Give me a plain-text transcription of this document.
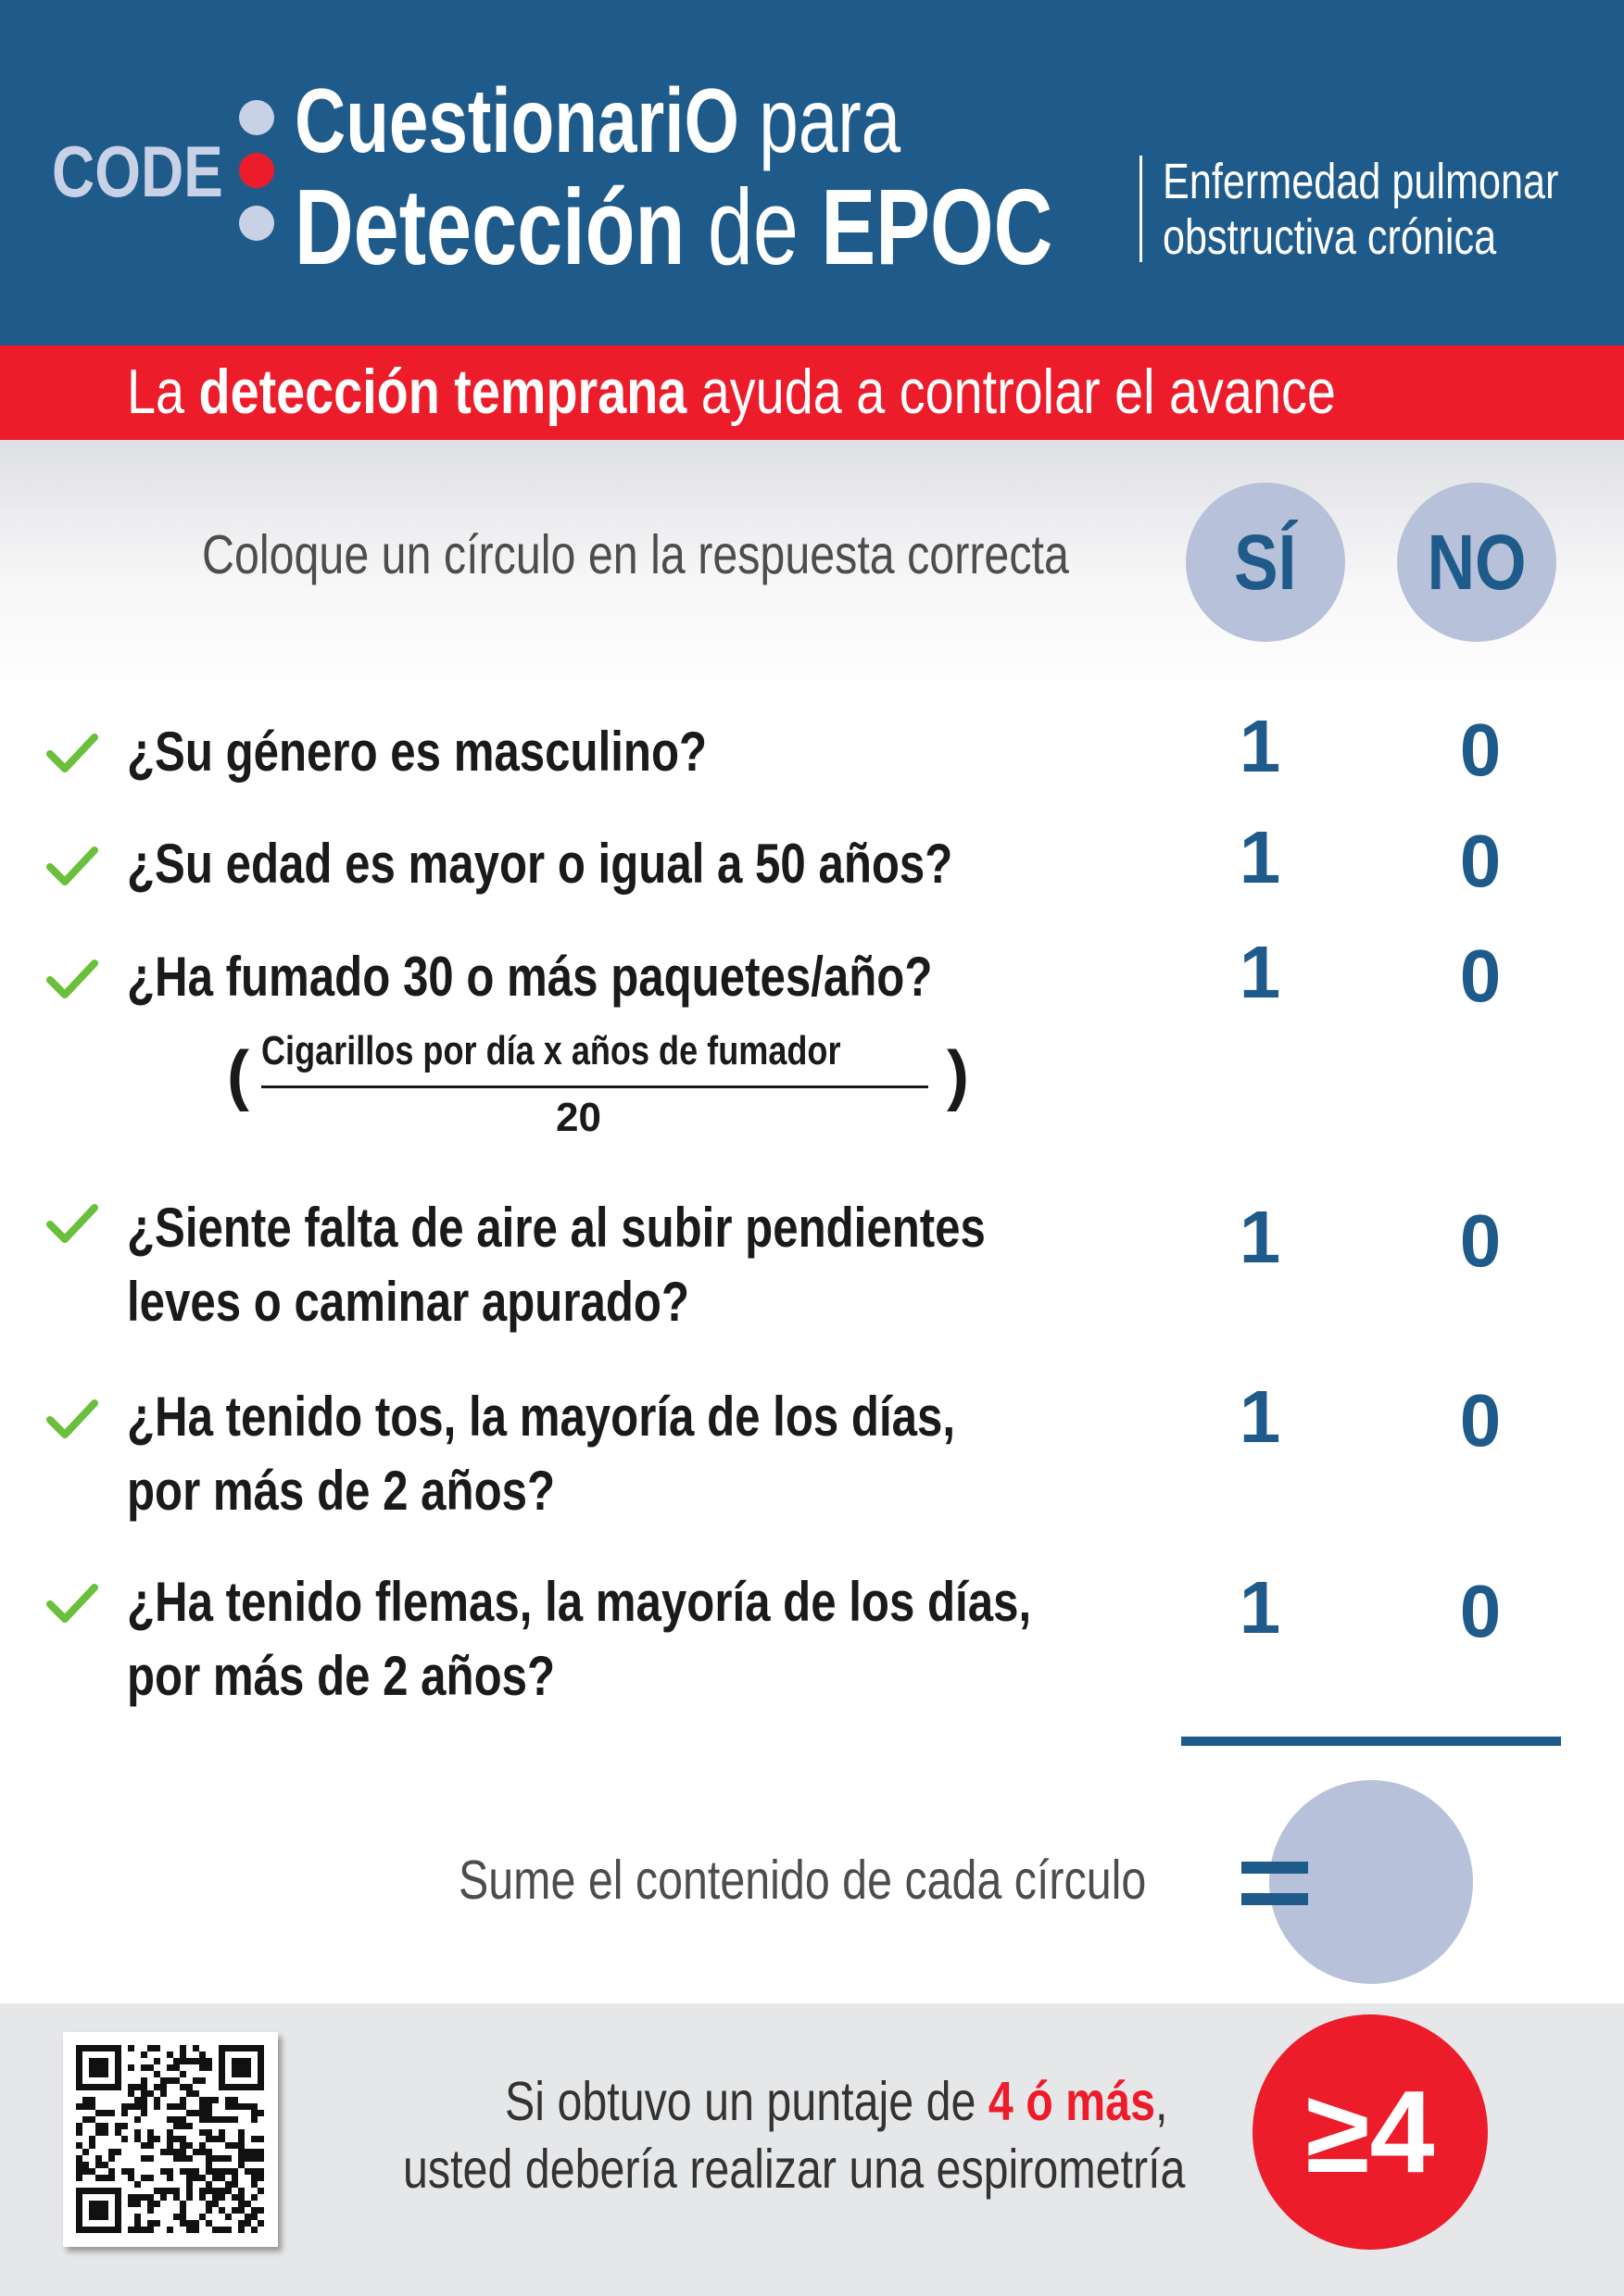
CODE CuestionariO para
Detección de EPOC	Enfermedad pulmonar
obstructiva crónica
La detección temprana ayuda a controlar el avance
Coloque un círculo en la respuesta correcta	SÍ	NO
¿Su género es masculino?	1 0
¿Su edad es mayor o igual a 50 años?	1 0
¿Ha fumado 30 o más paquetes/año?	1 0
( Cigarillos por día x años de fumador
20
)
¿Siente falta de aire al subir pendientes
leves o caminar apurado?
1 0
¿Ha tenido tos, la mayoría de los días,
por más de 2 años?
1 0
¿Ha tenido flemas, la mayoría de los días,
por más de 2 años?
1 0
Sume el contenido de cada círculo
Si obtuvo un puntaje de 4 ó más,
usted debería realizar una espirometría	≥4
